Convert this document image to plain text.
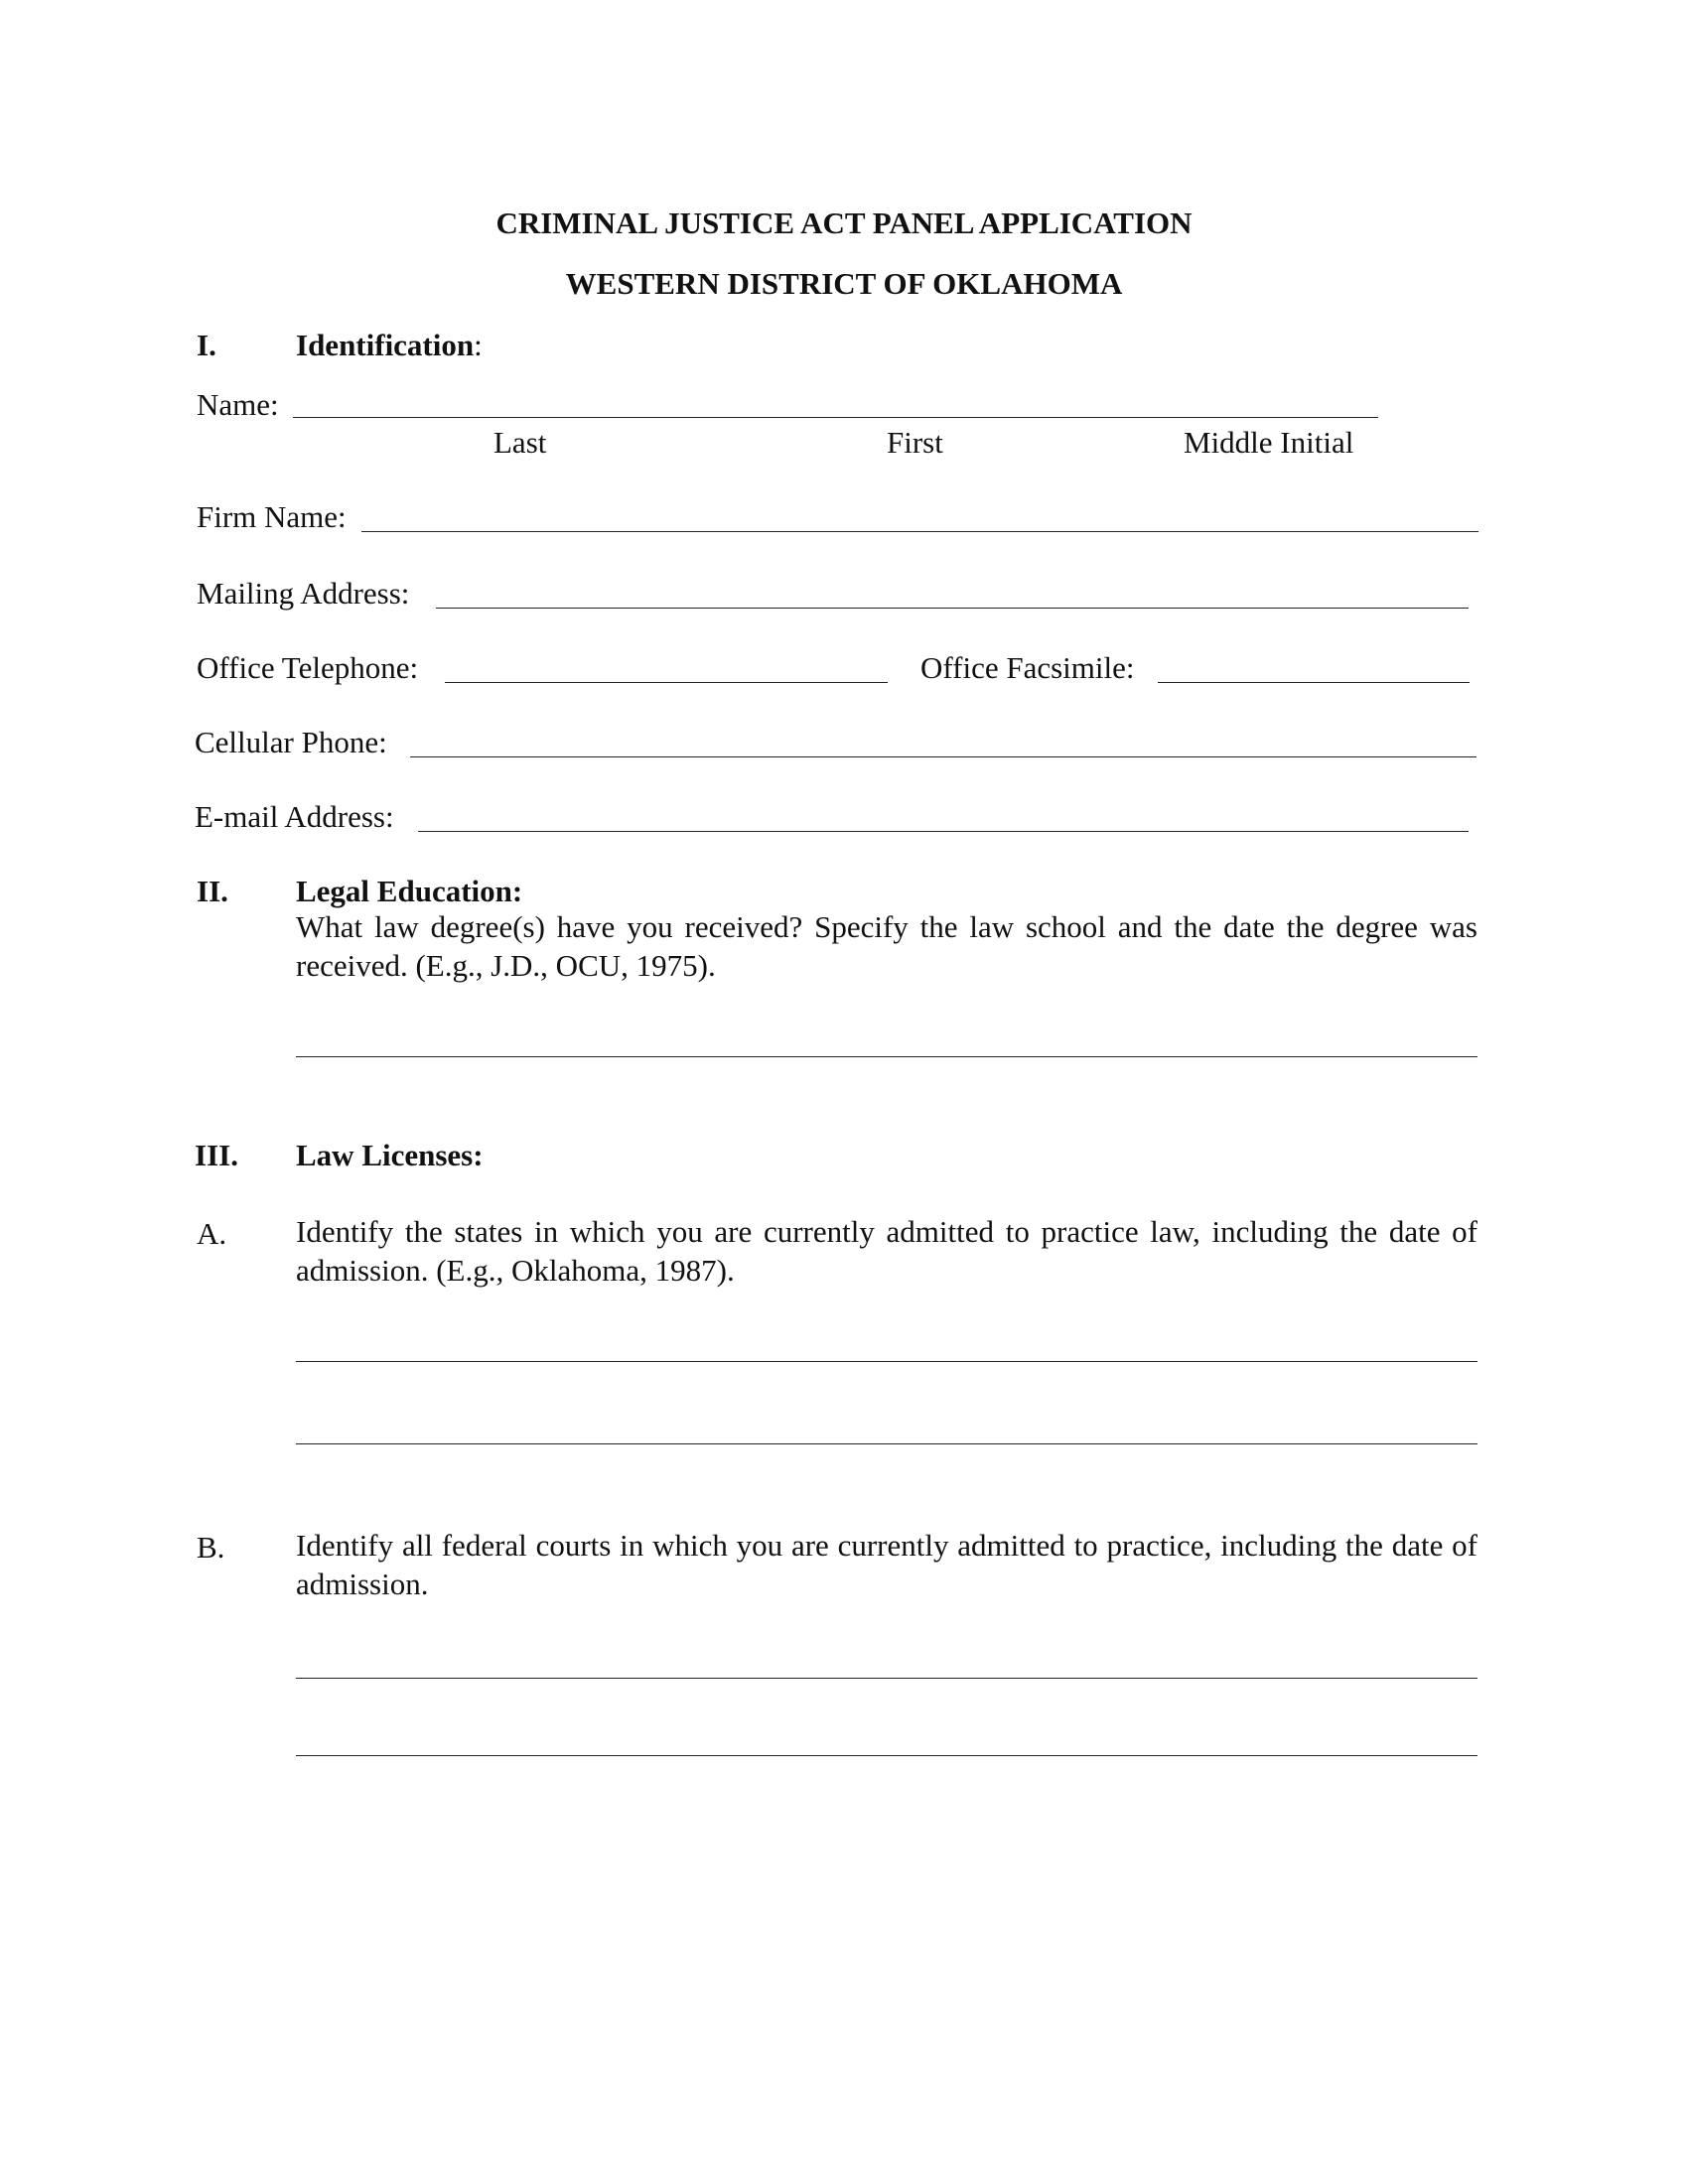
CRIMINAL JUSTICE ACT PANEL APPLICATION
WESTERN DISTRICT OF OKLAHOMA
I.	Identification:
Name:
Last	First	Middle Initial
Firm Name:
Mailing Address:
Office Telephone:	Office Facsimile:
Cellular Phone:
E-mail Address:
II. Legal Education:
What law degree(s) have you received? Specify the law school and the date the degree was received. (E.g., J.D., OCU, 1975).
III. Law Licenses:
A. Identify the states in which you are currently admitted to practice law, including the date of admission. (E.g., Oklahoma, 1987).
B. Identify all federal courts in which you are currently admitted to practice, including the date of admission.
